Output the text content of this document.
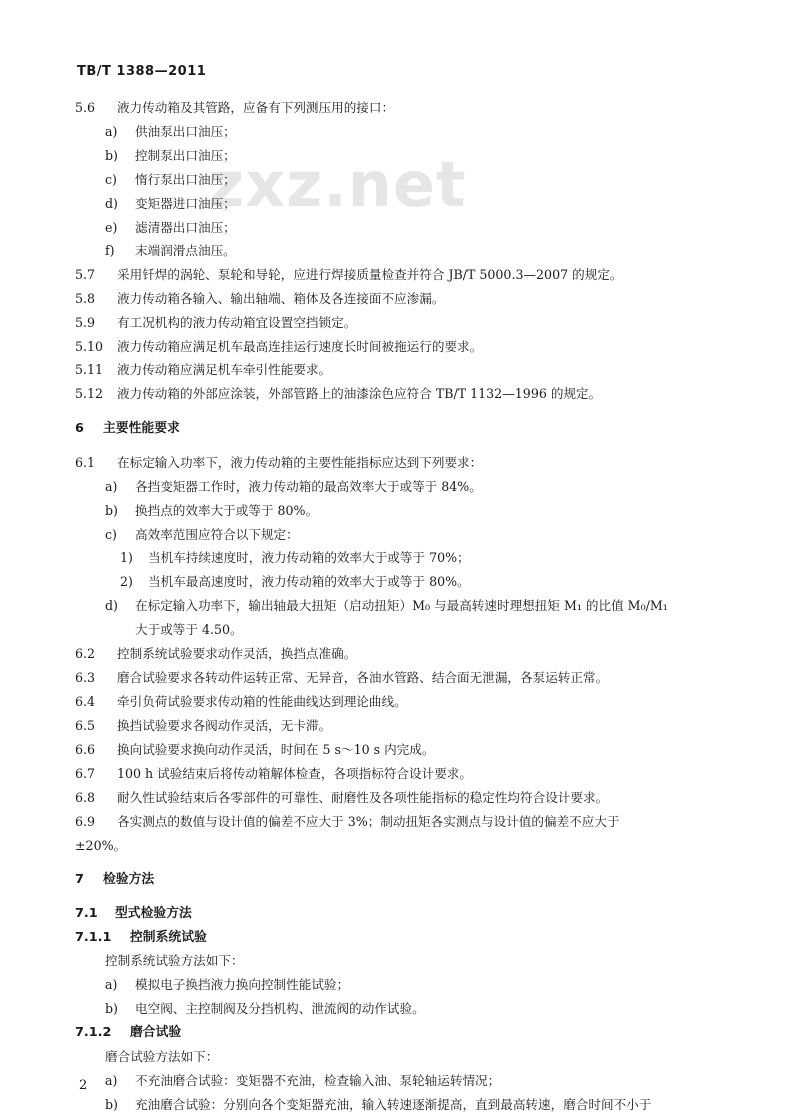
TB/T 1388—2011
zxz.net
5.6 液力传动箱及其管路，应备有下列测压用的接口：
a) 供油泵出口油压；
b) 控制泵出口油压；
c) 惰行泵出口油压；
d) 变矩器进口油压；
e) 滤清器出口油压；
f) 末端润滑点油压。
5.7 采用钎焊的涡轮、泵轮和导轮，应进行焊接质量检查并符合 JB/T 5000.3—2007 的规定。
5.8 液力传动箱各输入、输出轴端、箱体及各连接面不应渗漏。
5.9 有工况机构的液力传动箱宜设置空挡锁定。
5.10 液力传动箱应满足机车最高连挂运行速度长时间被拖运行的要求。
5.11 液力传动箱应满足机车牵引性能要求。
5.12 液力传动箱的外部应涂装，外部管路上的油漆涂色应符合 TB/T 1132—1996 的规定。
6 主要性能要求
6.1 在标定输入功率下，液力传动箱的主要性能指标应达到下列要求：
a) 各挡变矩器工作时，液力传动箱的最高效率大于或等于 84%。
b) 换挡点的效率大于或等于 80%。
c) 高效率范围应符合以下规定：
1) 当机车持续速度时，液力传动箱的效率大于或等于 70%；
2) 当机车最高速度时，液力传动箱的效率大于或等于 80%。
d) 在标定输入功率下，输出轴最大扭矩（启动扭矩）M₀ 与最高转速时理想扭矩 M₁ 的比值 M₀/M₁
大于或等于 4.50。
6.2 控制系统试验要求动作灵活，换挡点准确。
6.3 磨合试验要求各转动件运转正常、无异音，各油水管路、结合面无泄漏，各泵运转正常。
6.4 牵引负荷试验要求传动箱的性能曲线达到理论曲线。
6.5 换挡试验要求各阀动作灵活，无卡滞。
6.6 换向试验要求换向动作灵活，时间在 5 s～10 s 内完成。
6.7 100 h 试验结束后将传动箱解体检查，各项指标符合设计要求。
6.8 耐久性试验结束后各零部件的可靠性、耐磨性及各项性能指标的稳定性均符合设计要求。
6.9 各实测点的数值与设计值的偏差不应大于 3%；制动扭矩各实测点与设计值的偏差不应大于
±20%。
7 检验方法
7.1 型式检验方法
7.1.1 控制系统试验
控制系统试验方法如下：
a) 模拟电子换挡液力换向控制性能试验；
b) 电空阀、主控制阀及分挡机构、泄流阀的动作试验。
7.1.2 磨合试验
磨合试验方法如下：
a) 不充油磨合试验：变矩器不充油，检查输入油、泵轮轴运转情况；
b) 充油磨合试验：分别向各个变矩器充油，输入转速逐渐提高，直到最高转速，磨合时间不小于
2
